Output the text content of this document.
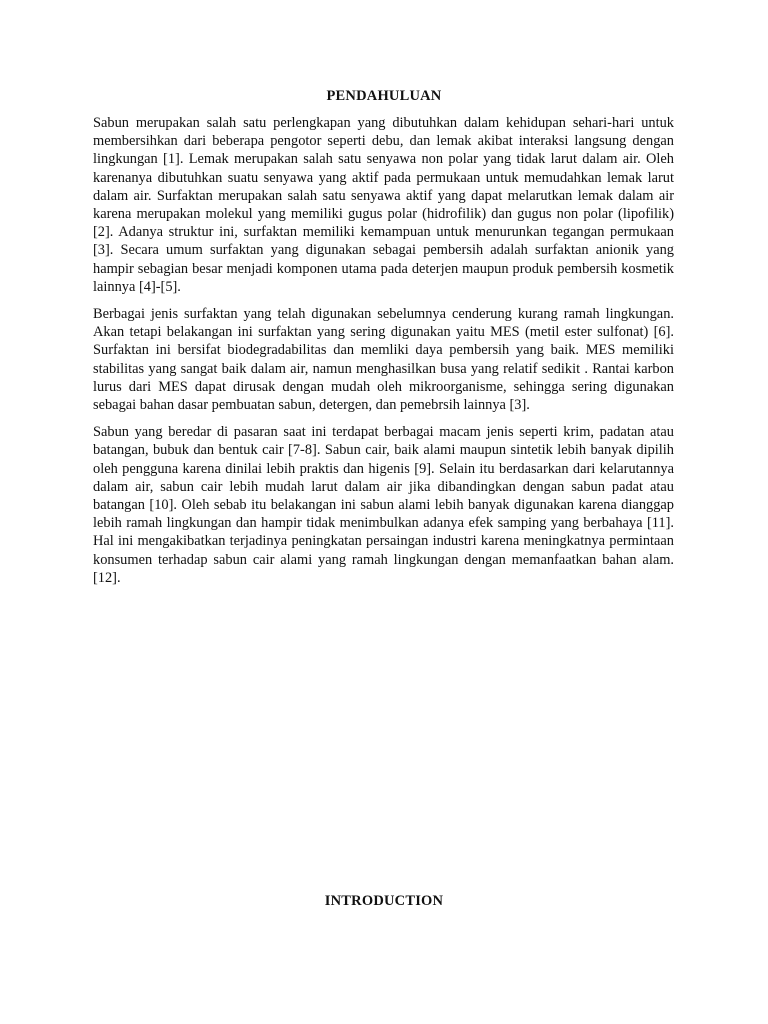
PENDAHULUAN

Sabun merupakan salah satu perlengkapan yang dibutuhkan dalam kehidupan sehari-hari untuk membersihkan dari beberapa pengotor seperti debu, dan lemak akibat interaksi langsung dengan lingkungan [1]. Lemak merupakan salah satu senyawa non polar yang tidak larut dalam air. Oleh karenanya dibutuhkan suatu senyawa yang aktif pada permukaan untuk memudahkan lemak larut dalam air. Surfaktan merupakan salah satu senyawa aktif yang dapat melarutkan lemak dalam air karena merupakan molekul yang memiliki gugus polar (hidrofilik) dan gugus non polar (lipofilik) [2]. Adanya struktur ini, surfaktan memiliki kemampuan untuk menurunkan tegangan permukaan [3]. Secara umum surfaktan yang digunakan sebagai pembersih adalah surfaktan anionik yang hampir sebagian besar menjadi komponen utama pada deterjen maupun produk pembersih kosmetik lainnya [4]-[5].

Berbagai jenis surfaktan yang telah digunakan sebelumnya cenderung kurang ramah lingkungan. Akan tetapi belakangan ini surfaktan yang sering digunakan yaitu MES (metil ester sulfonat) [6]. Surfaktan ini bersifat biodegradabilitas dan memliki daya pembersih yang baik. MES memiliki stabilitas yang sangat baik dalam air, namun menghasilkan busa yang relatif sedikit . Rantai karbon lurus dari MES dapat dirusak dengan mudah oleh mikroorganisme, sehingga sering digunakan sebagai bahan dasar pembuatan sabun, detergen, dan pemebrsih lainnya [3].

Sabun yang beredar di pasaran saat ini terdapat berbagai macam jenis seperti krim, padatan atau batangan, bubuk dan bentuk cair [7-8]. Sabun cair, baik alami maupun sintetik lebih banyak dipilih oleh pengguna karena dinilai lebih praktis dan higenis [9]. Selain itu berdasarkan dari kelarutannya dalam air, sabun cair lebih mudah larut dalam air jika dibandingkan dengan sabun padat atau batangan [10]. Oleh sebab itu belakangan ini sabun alami lebih banyak digunakan karena dianggap lebih ramah lingkungan dan hampir tidak menimbulkan adanya efek samping yang berbahaya [11]. Hal ini mengakibatkan terjadinya peningkatan persaingan industri karena meningkatnya permintaan konsumen terhadap sabun cair alami yang ramah lingkungan dengan memanfaatkan bahan alam. [12].

INTRODUCTION
